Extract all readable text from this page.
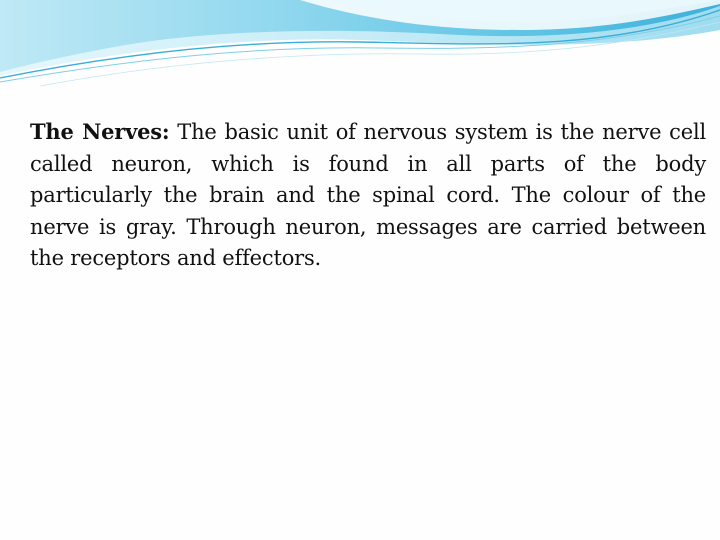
The Nerves: The basic unit of nervous system is the nerve cell called neuron, which is found in all parts of the body particularly the brain and the spinal cord. The colour of the nerve is gray. Through neuron, messages are carried between the receptors and effectors.
